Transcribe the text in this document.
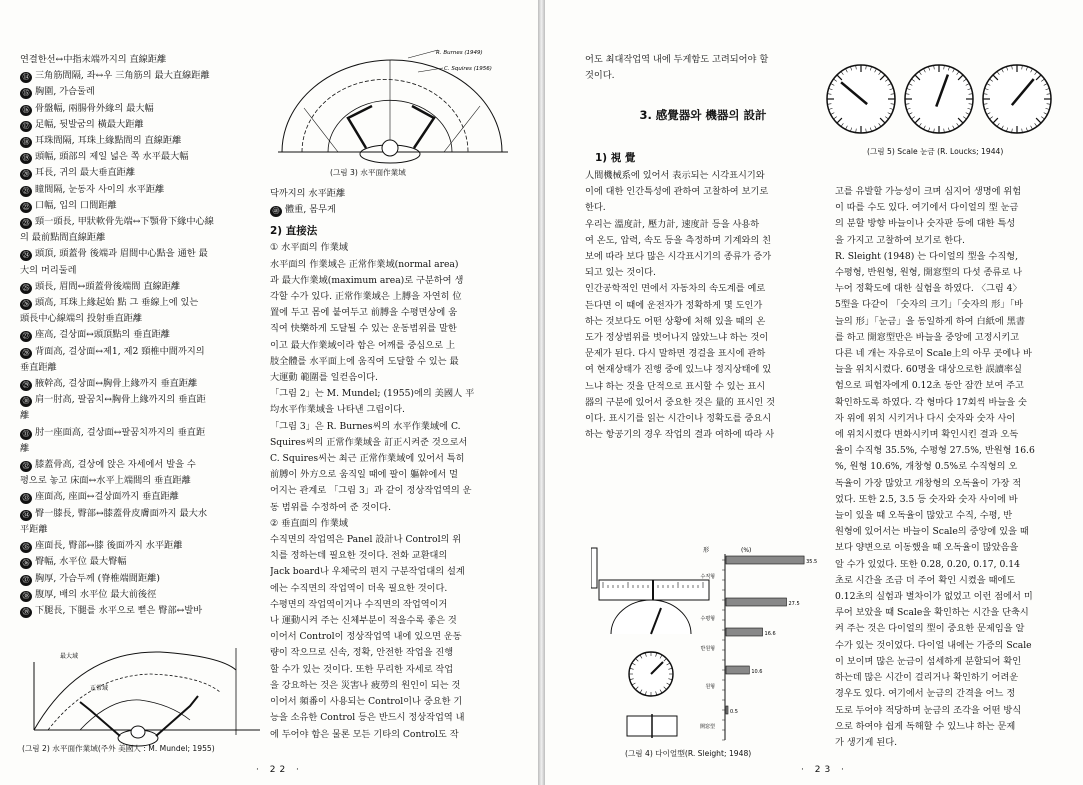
연결한선↔中指末端까지의 直線距離
⑭ 三角筋間隔, 좌↔우 三角筋의 最大直線距離
⑮ 胸圍, 가슴둘레
⑯ 骨盤幅, 兩腸骨外緣의 最大幅
⑰ 足幅, 뒷발굼의 橫最大距離
⑱ 耳珠間隔, 耳珠上緣點間의 直線距離
⑲ 頭幅, 頭部의 제일 넓은 쪽 水平最大幅
⑳ 耳長, 귀의 最大垂直距離
㉑ 瞳間隔, 눈동자 사이의 水平距離
㉒ 口幅, 입의 口間距離
㉓ 頸一頭長, 甲狀軟骨先端↔下顎骨下緣中心線
의 最前點間直線距離
㉔ 頭頂, 頭蓋骨 後端과 眉間中心點을 通한 最
大의 머리둘레
㉕ 頭長, 眉間↔頭蓋骨後端間 直線距離
㉖ 頭高, 耳珠上緣起始 點 그 垂線上에 있는
頭長中心線端의 投射垂直距離
㉗ 座高, 걸상面↔頭頂點의 垂直距離
㉘ 背面高, 걸상面↔제1, 제2 頸椎中間까지의
垂直距離
㉙ 腋幹高, 걸상面↔胸骨上緣까지 垂直距離
㉚ 肩一肘高, 팔꿈치↔胸骨上緣까지의 垂直距
離
㉛ 肘一座面高, 걸상面↔팔꿈치까지의 垂直距
離
㉜ 膝蓋骨高, 걸상에 앉은 자세에서 발을 수
평으로 놓고 床面↔水平上端間의 垂直距離
㉝ 座面高, 座面↔걸상面까지 垂直距離
㉞ 臀一膝長, 臀部↔膝蓋骨皮膚面까지 最大水
平距離
㉟ 座面長, 臀部↔膝 後面까지 水平距離
㊱ 臀幅, 水平位 最大臀幅
㊲ 胸厚, 가슴두께 (脊椎端間距離)
㊳ 腹厚, 배의 水平位 最大前後徑
㊴ 下腿長, 下腿를 水平으로 뻗은 臀部↔발바
最大域
正常域
(그림 2) 水平面作業域(주外 美國人 : M. Mundel; 1955)
R. Burnes (1949)
C. Squires (1956)
(그림 3) 水平面作業域
닥까지의 水平距離
㊵ 體重, 몸무게
2) 直接法
① 水平面의 作業域
水平面의 作業域은 正常作業域(normal area)
과 最大作業域(maximum area)로 구분하여 생
각할 수가 있다. 正常作業域은 上膊을 자연히 位
置에 두고 몸에 붙여두고 前膊을 수평면상에 움
직여 快樂하게 도달될 수 있는 운동범위를 말한
이고 最大作業域이라 함은 어깨를 중심으로 上
肢全體를 水平面上에 움직여 도달할 수 있는 最
大運動 範圍를 일컫음이다.
「그림 2」는 M. Mundel; (1955)에의 美國人 平
均水平作業域을 나타낸 그림이다.
「그림 3」은 R. Burnes씨의 水平作業域에 C.
Squires씨의 正常作業域을 訂正시켜준 것으로서
C. Squires씨는 최근 正常作業域에 있어서 특히
前膊이 外方으로 움직일 때에 팔이 軀幹에서 멀
어지는 관계로 「그림 3」과 같이 정상작업역의 운
동 범위를 수정하여 준 것이다.
② 垂直面의 作業域
수직면의 작업역은 Panel 設計나 Control의 위
치를 정하는데 필요한 것이다. 전화 교환대의
Jack board나 우체국의 편지 구분작업대의 설계
에는 수직면의 작업역이 더욱 필요한 것이다.
수평면의 작업역이거나 수직면의 작업역이거
나 運動시켜 주는 신체부분이 적을수록 좋은 것
이어서 Control이 정상작업역 내에 있으면 운동
량이 작으므로 신속, 정확, 안전한 작업을 진행
할 수가 있는 것이다. 또한 무리한 자세로 작업
을 강요하는 것은 災害나 疲勞의 원인이 되는 것
이어서 頻番이 사용되는 Control이나 중요한 기
능을 소유한 Control 등은 반드시 정상작업역 내
에 두어야 함은 물론 모든 기타의 Control도 작
· 22 ·
어도 최대작업역 내에 두게함도 고려되어야 할
것이다.
3. 感覺器와 機器의 設計
1) 視 覺
人間機械系에 있어서 表示되는 시각표시기와
이에 대한 인간특성에 관하여 고찰하여 보기로
한다.
우리는 溫度計, 壓力計, 速度計 등을 사용하
여 온도, 압력, 속도 등을 측정하며 기계와의 친
보에 따라 보다 많은 시각표시기의 종류가 증가
되고 있는 것이다.
인간공학적인 면에서 자동차의 속도계를 예로
든다면 이 때에 운전자가 정확하게 몇 도인가
하는 것보다도 어떤 상황에 처해 있을 때의 온
도가 정상범위를 벗어나지 않았느냐 하는 것이
문제가 된다. 다시 말하면 경걸을 표시에 관하
여 현재상태가 진행 중에 있느냐 정지상태에 있
느냐 하는 것을 단적으로 표시할 수 있는 표시
器의 구분에 있어서 중요한 것은 量的 표시인 것
이다. 표시기를 읽는 시간이나 정확도를 중요시
하는 항공기의 경우 작업의 결과 여하에 따라 사
(그림 5) Scale 눈금 (R. Loucks; 1944)
고를 유발할 가능성이 크며 심지어 생명에 위험
이 따를 수도 있다. 여기에서 다이얼의 型 눈금
의 분할 방향 바늘이나 숫자판 등에 대한 특성
을 가지고 고찰하여 보기로 한다.
R. Sleight (1948) 는 다이얼의 型을 수직형,
수평형, 반원형, 원형, 開窓型의 다섯 종류로 나
누어 정확도에 대한 실험을 하였다. 〈그림 4〉
5型을 다같이 「숫자의 크기」「숫자의 形」「바
늘의 形」「눈금」을 동일하게 하여 白紙에 黑書
를 하고 開窓型만은 바늘을 중앙에 고정시키고
다른 네 개는 자유로이 Scale上의 아무 곳에나 바
늘을 위치시켰다. 60명을 대상으로한 誤讀率실
험으로 피험자에게 0.12초 동안 잠깐 보여 주고
확인하도록 하였다. 각 형마다 17회씩 바늘을 숫
자 위에 위치 시키거나 다시 숫자와 숫자 사이
에 위치시켰다 변화시키며 확인시킨 결과 오독
율이 수직형 35.5%, 수평형 27.5%, 반원형 16.6
%, 원형 10.6%, 개창형 0.5%로 수직형의 오
독율이 가장 많았고 개창형의 오독율이 가장 적
었다. 또한 2.5, 3.5 등 숫자와 숫자 사이에 바
늘이 있을 때 오독율이 많았고 수직, 수평, 반
원형에 있어서는 바늘이 Scale의 중앙에 있을 때
보다 양변으로 이동했을 때 오독율이 많았음을
알 수가 있었다. 또한 0.28, 0.20, 0.17, 0.14
초로 시간을 조금 더 주어 확인 시켰을 때에도
0.12초의 실험과 별차이가 없었고 이런 점에서 미
루어 보았을 때 Scale을 확인하는 시간을 단축시
켜 주는 것은 다이얼의 型이 중요한 문제임을 알
수가 있는 것이었다. 다이얼 내에는 가증의 Scale
이 보이며 많은 눈금이 섬세하게 분할되어 확인
하는데 많은 시간이 걸리거나 확인하기 어려운
경우도 있다. 여기에서 눈금의 간격을 어느 정
도로 두어야 적당하며 눈금의 조각을 어떤 방식
으로 하여야 쉽게 독해할 수 있느냐 하는 문제
가 생기게 된다.
形	(%)
수직형
수평형
반원형
원형
開窓型
35.5
27.5
16.6
10.6
0.5
(그림 4) 다이얼型(R. Sleight; 1948)
· 23 ·
